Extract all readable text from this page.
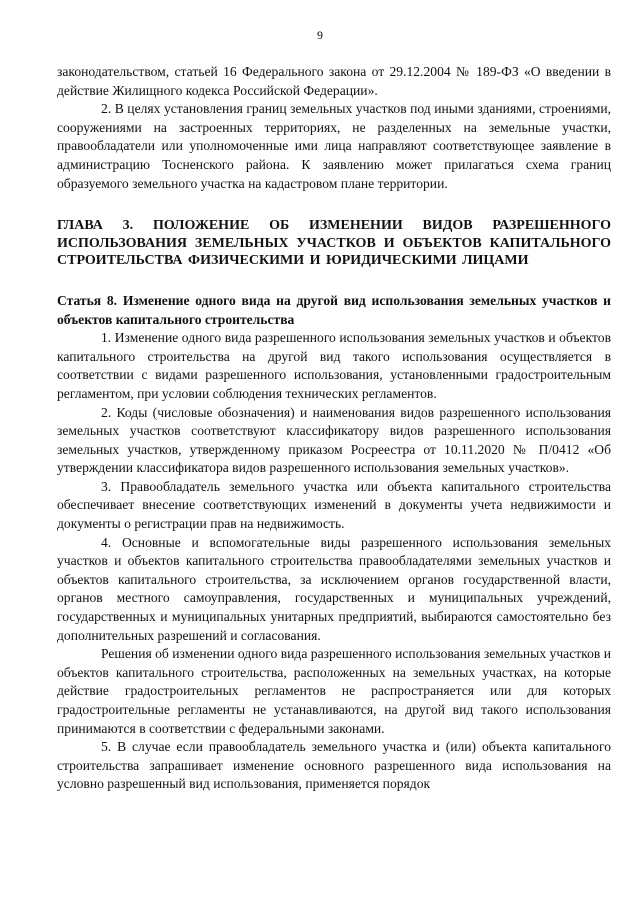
9

законодательством, статьей 16 Федерального закона от 29.12.2004 № 189-ФЗ «О введении в действие Жилищного кодекса Российской Федерации».

2. В целях установления границ земельных участков под иными зданиями, строениями, сооружениями на застроенных территориях, не разделенных на земельные участки, правообладатели или уполномоченные ими лица направляют соответствующее заявление в администрацию Тосненского района. К заявлению может прилагаться схема границ образуемого земельного участка на кадастровом плане территории.

ГЛАВА 3. ПОЛОЖЕНИЕ ОБ ИЗМЕНЕНИИ ВИДОВ РАЗРЕШЕННОГО ИСПОЛЬЗОВАНИЯ ЗЕМЕЛЬНЫХ УЧАСТКОВ И ОБЪЕКТОВ КАПИТАЛЬНОГО СТРОИТЕЛЬСТВА ФИЗИЧЕСКИМИ И ЮРИДИЧЕСКИМИ ЛИЦАМИ

Статья 8. Изменение одного вида на другой вид использования земельных участков и объектов капитального строительства

1. Изменение одного вида разрешенного использования земельных участков и объектов капитального строительства на другой вид такого использования осуществляется в соответствии с видами разрешенного использования, установленными градостроительным регламентом, при условии соблюдения технических регламентов.

2. Коды (числовые обозначения) и наименования видов разрешенного использования земельных участков соответствуют классификатору видов разрешенного использования земельных участков, утвержденному приказом Росреестра от 10.11.2020 № П/0412 «Об утверждении классификатора видов разрешенного использования земельных участков».

3. Правообладатель земельного участка или объекта капитального строительства обеспечивает внесение соответствующих изменений в документы учета недвижимости и документы о регистрации прав на недвижимость.

4. Основные и вспомогательные виды разрешенного использования земельных участков и объектов капитального строительства правообладателями земельных участков и объектов капитального строительства, за исключением органов государственной власти, органов местного самоуправления, государственных и муниципальных учреждений, государственных и муниципальных унитарных предприятий, выбираются самостоятельно без дополнительных разрешений и согласования.

Решения об изменении одного вида разрешенного использования земельных участков и объектов капитального строительства, расположенных на земельных участках, на которые действие градостроительных регламентов не распространяется или для которых градостроительные регламенты не устанавливаются, на другой вид такого использования принимаются в соответствии с федеральными законами.

5. В случае если правообладатель земельного участка и (или) объекта капитального строительства запрашивает изменение основного разрешенного вида использования на условно разрешенный вид использования, применяется порядок
